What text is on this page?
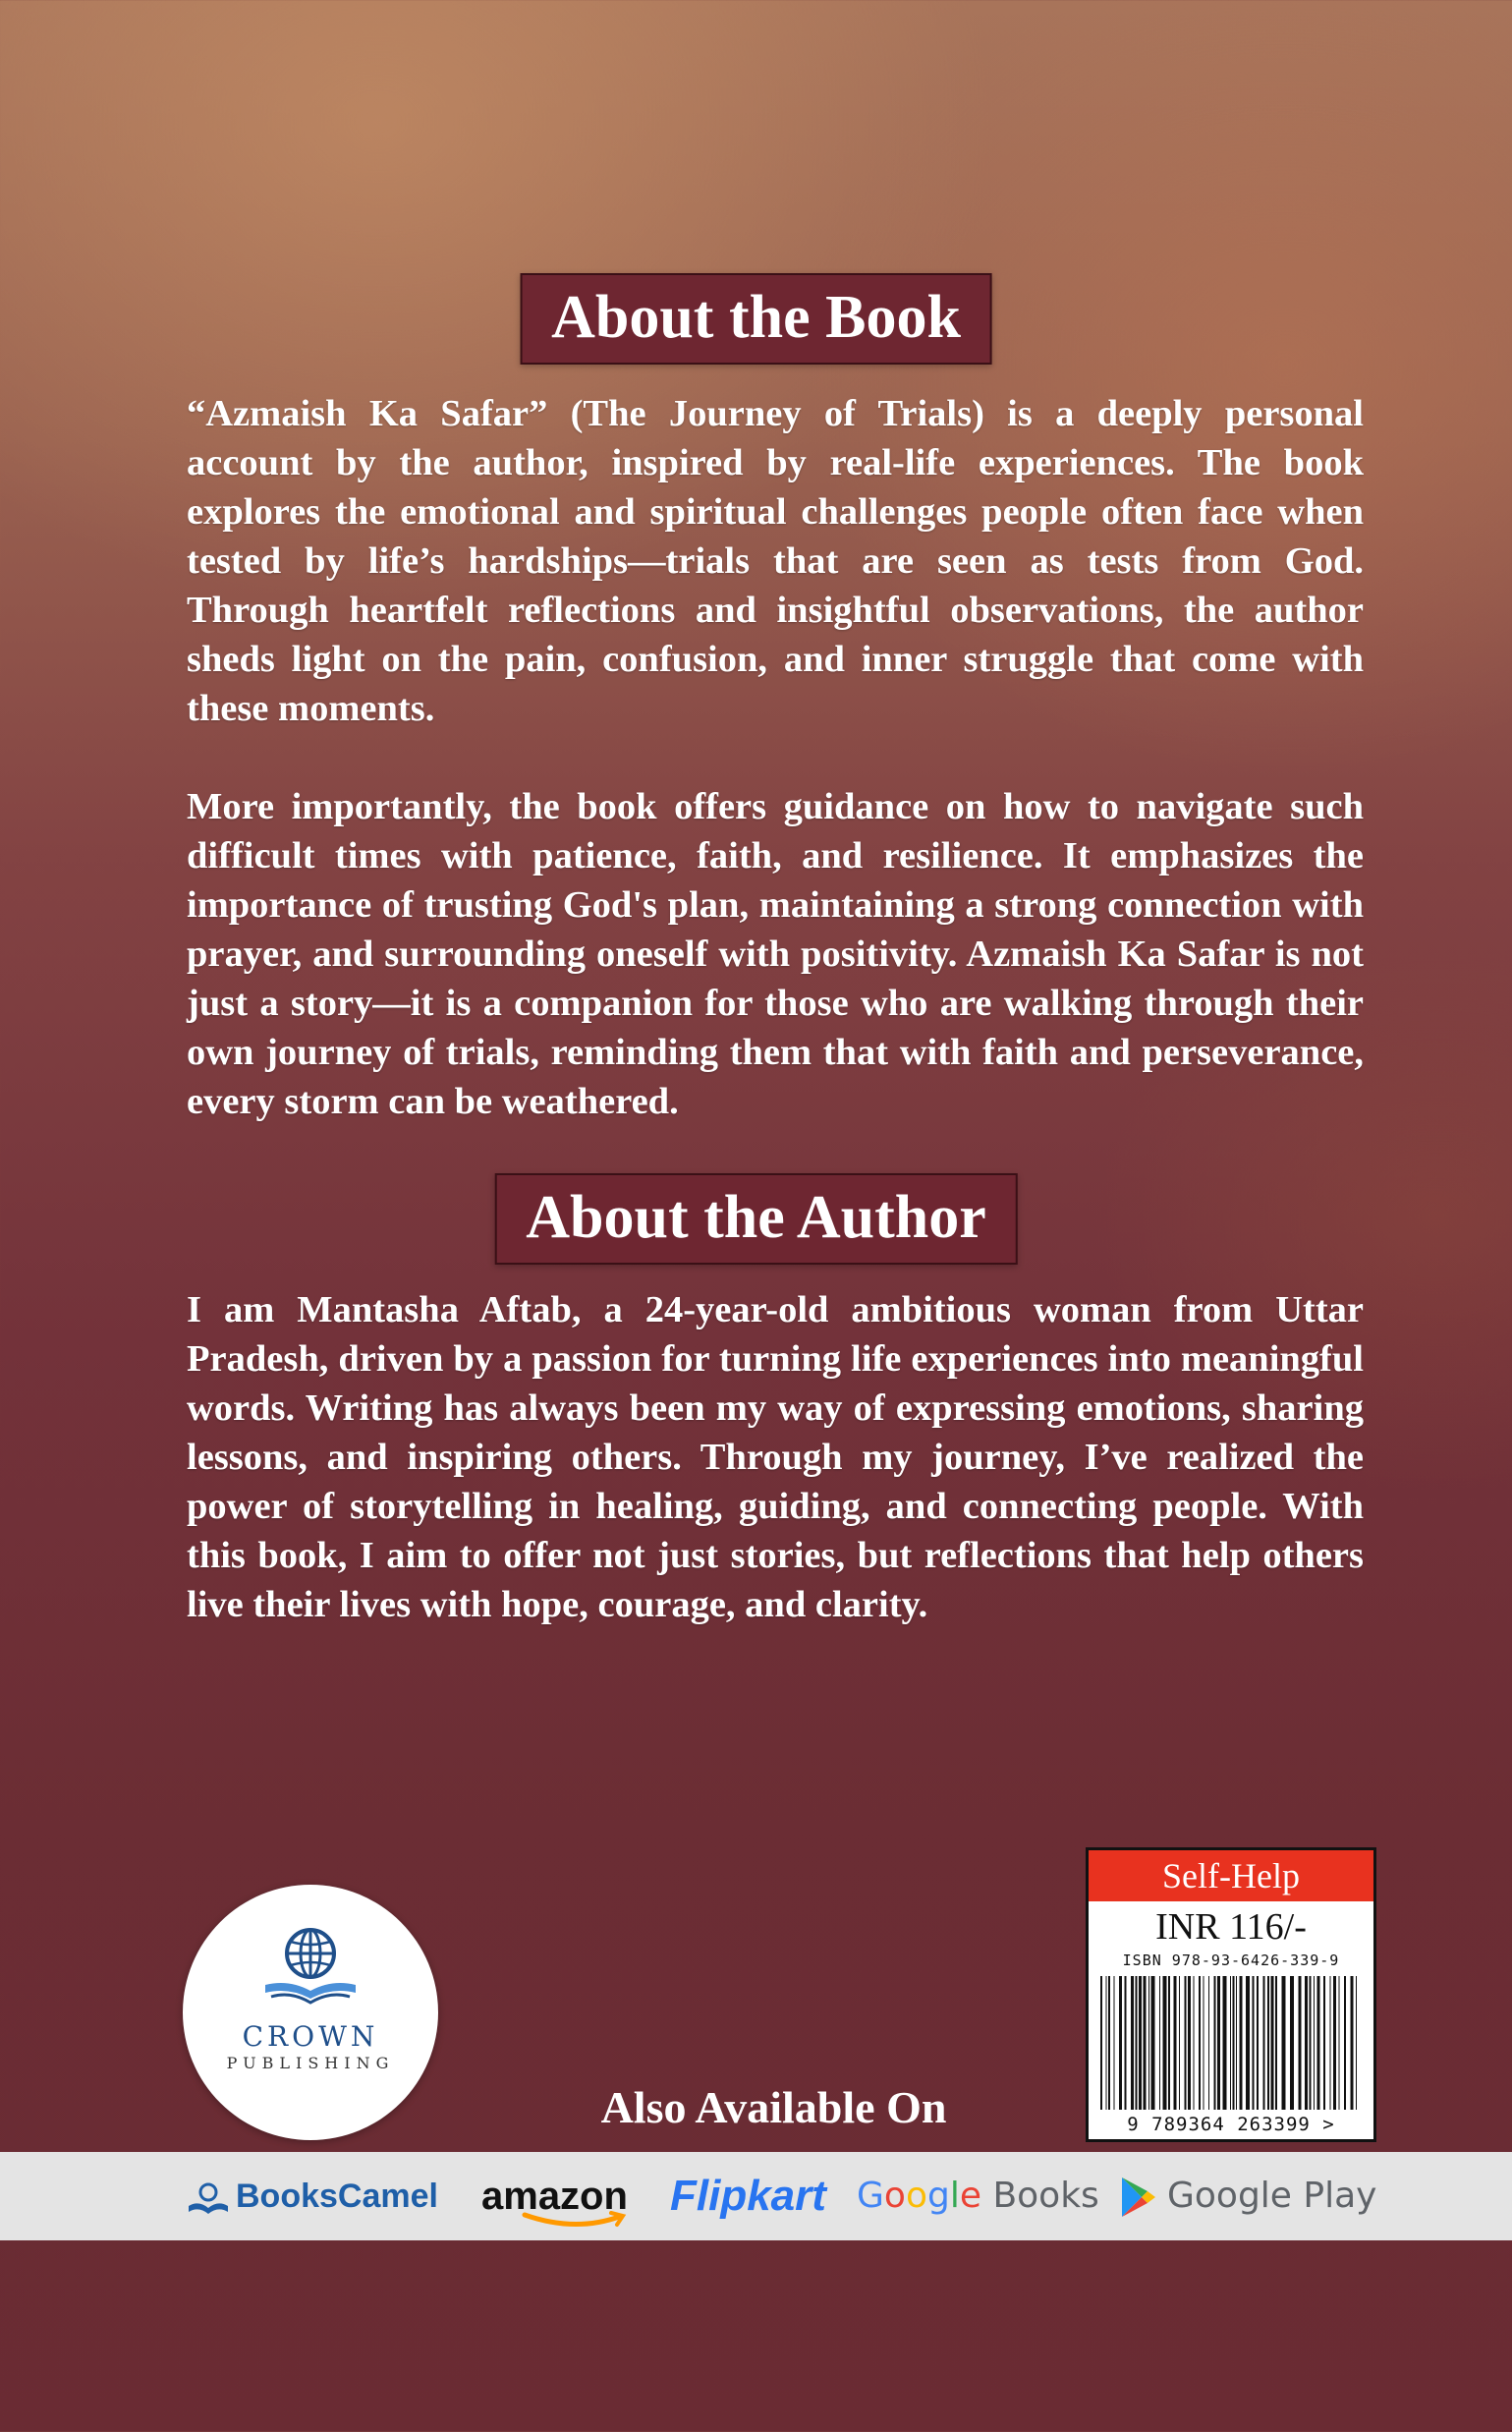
About the Book

“Azmaish Ka Safar” (The Journey of Trials) is a deeply personal account by the author, inspired by real-life experiences. The book explores the emotional and spiritual challenges people often face when tested by life’s hardships—trials that are seen as tests from God. Through heartfelt reflections and insightful observations, the author sheds light on the pain, confusion, and inner struggle that come with these moments.

More importantly, the book offers guidance on how to navigate such difficult times with patience, faith, and resilience. It emphasizes the importance of trusting God's plan, maintaining a strong connection with prayer, and surrounding oneself with positivity. Azmaish Ka Safar is not just a story—it is a companion for those who are walking through their own journey of trials, reminding them that with faith and perseverance, every storm can be weathered.

About the Author

I am Mantasha Aftab, a 24-year-old ambitious woman from Uttar Pradesh, driven by a passion for turning life experiences into meaningful words. Writing has always been my way of expressing emotions, sharing lessons, and inspiring others. Through my journey, I’ve realized the power of storytelling in healing, guiding, and connecting people. With this book, I aim to offer not just stories, but reflections that help others live their lives with hope, courage, and clarity.

CROWN
PUBLISHING
Also Available On
Self-Help
INR 116/-
ISBN 978-93-6426-339-9
9 789364 263399 >
BooksCamel amazon Flipkart Google Books	Google Play
